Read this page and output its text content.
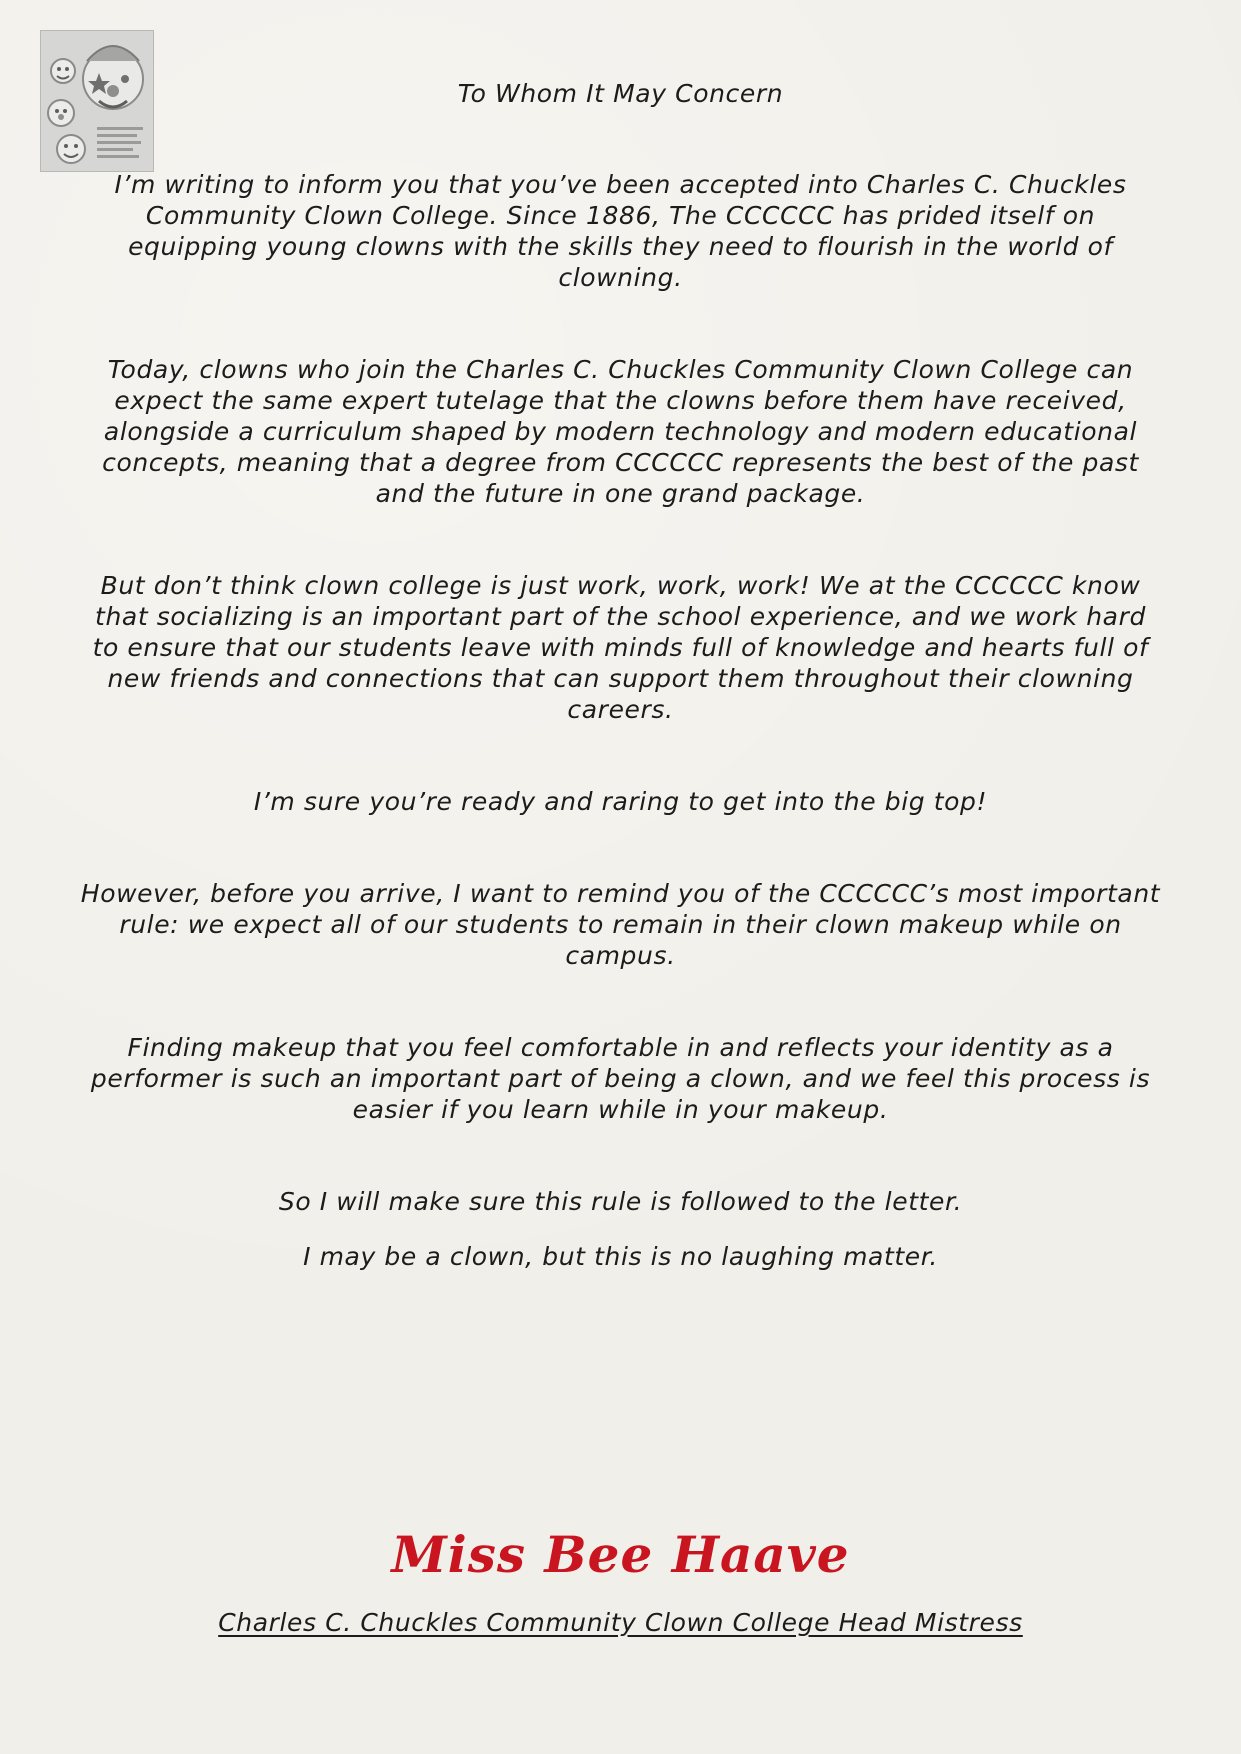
To Whom It May Concern

I’m writing to inform you that you’ve been accepted into Charles C. Chuckles Community Clown College. Since 1886, The CCCCCC has prided itself on equipping young clowns with the skills they need to flourish in the world of clowning.

Today, clowns who join the Charles C. Chuckles Community Clown College can expect the same expert tutelage that the clowns before them have received, alongside a curriculum shaped by modern technology and modern educational concepts, meaning that a degree from CCCCCC represents the best of the past and the future in one grand package.

But don’t think clown college is just work, work, work! We at the CCCCCC know that socializing is an important part of the school experience, and we work hard to ensure that our students leave with minds full of knowledge and hearts full of new friends and connections that can support them throughout their clowning careers.

I’m sure you’re ready and raring to get into the big top!

However, before you arrive, I want to remind you of the CCCCCC’s most important rule: we expect all of our students to remain in their clown makeup while on campus.

Finding makeup that you feel comfortable in and reflects your identity as a performer is such an important part of being a clown, and we feel this process is easier if you learn while in your makeup.

So I will make sure this rule is followed to the letter.

I may be a clown, but this is no laughing matter.

Miss Bee Haave
Charles C. Chuckles Community Clown College Head Mistress
